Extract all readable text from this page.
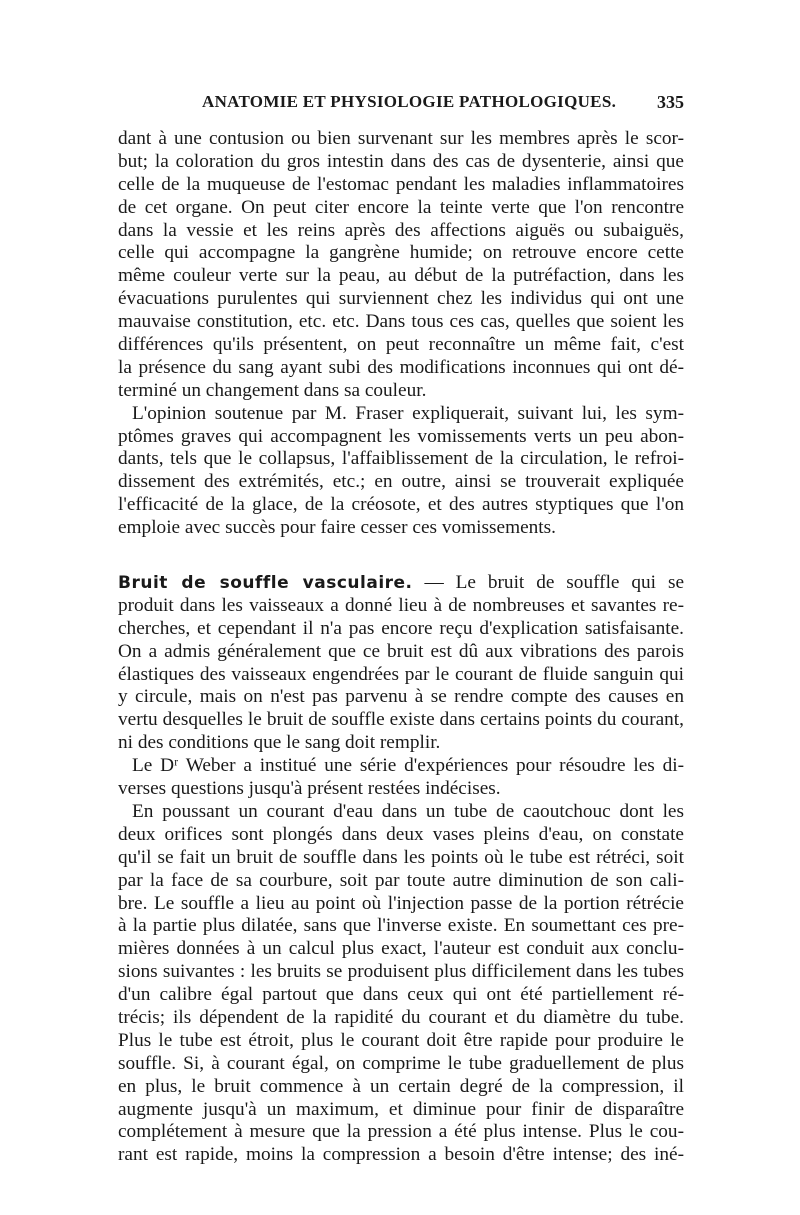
ANATOMIE ET PHYSIOLOGIE PATHOLOGIQUES. 335
dant à une contusion ou bien survenant sur les membres après le scor-
but; la coloration du gros intestin dans des cas de dysenterie, ainsi que
celle de la muqueuse de l'estomac pendant les maladies inflammatoires
de cet organe. On peut citer encore la teinte verte que l'on rencontre
dans la vessie et les reins après des affections aiguës ou subaiguës,
celle qui accompagne la gangrène humide; on retrouve encore cette
même couleur verte sur la peau, au début de la putréfaction, dans les
évacuations purulentes qui surviennent chez les individus qui ont une
mauvaise constitution, etc. etc. Dans tous ces cas, quelles que soient les
différences qu'ils présentent, on peut reconnaître un même fait, c'est
la présence du sang ayant subi des modifications inconnues qui ont dé-
terminé un changement dans sa couleur.
L'opinion soutenue par M. Fraser expliquerait, suivant lui, les sym-
ptômes graves qui accompagnent les vomissements verts un peu abon-
dants, tels que le collapsus, l'affaiblissement de la circulation, le refroi-
dissement des extrémités, etc.; en outre, ainsi se trouverait expliquée
l'efficacité de la glace, de la créosote, et des autres styptiques que l'on
emploie avec succès pour faire cesser ces vomissements.
Bruit de souffle vasculaire. — Le bruit de souffle qui se
produit dans les vaisseaux a donné lieu à de nombreuses et savantes re-
cherches, et cependant il n'a pas encore reçu d'explication satisfaisante.
On a admis généralement que ce bruit est dû aux vibrations des parois
élastiques des vaisseaux engendrées par le courant de fluide sanguin qui
y circule, mais on n'est pas parvenu à se rendre compte des causes en
vertu desquelles le bruit de souffle existe dans certains points du courant,
ni des conditions que le sang doit remplir.
Le Dʳ Weber a institué une série d'expériences pour résoudre les di-
verses questions jusqu'à présent restées indécises.
En poussant un courant d'eau dans un tube de caoutchouc dont les
deux orifices sont plongés dans deux vases pleins d'eau, on constate
qu'il se fait un bruit de souffle dans les points où le tube est rétréci, soit
par la face de sa courbure, soit par toute autre diminution de son cali-
bre. Le souffle a lieu au point où l'injection passe de la portion rétrécie
à la partie plus dilatée, sans que l'inverse existe. En soumettant ces pre-
mières données à un calcul plus exact, l'auteur est conduit aux conclu-
sions suivantes : les bruits se produisent plus difficilement dans les tubes
d'un calibre égal partout que dans ceux qui ont été partiellement ré-
trécis; ils dépendent de la rapidité du courant et du diamètre du tube.
Plus le tube est étroit, plus le courant doit être rapide pour produire le
souffle. Si, à courant égal, on comprime le tube graduellement de plus
en plus, le bruit commence à un certain degré de la compression, il
augmente jusqu'à un maximum, et diminue pour finir de disparaître
complétement à mesure que la pression a été plus intense. Plus le cou-
rant est rapide, moins la compression a besoin d'être intense; des iné-
